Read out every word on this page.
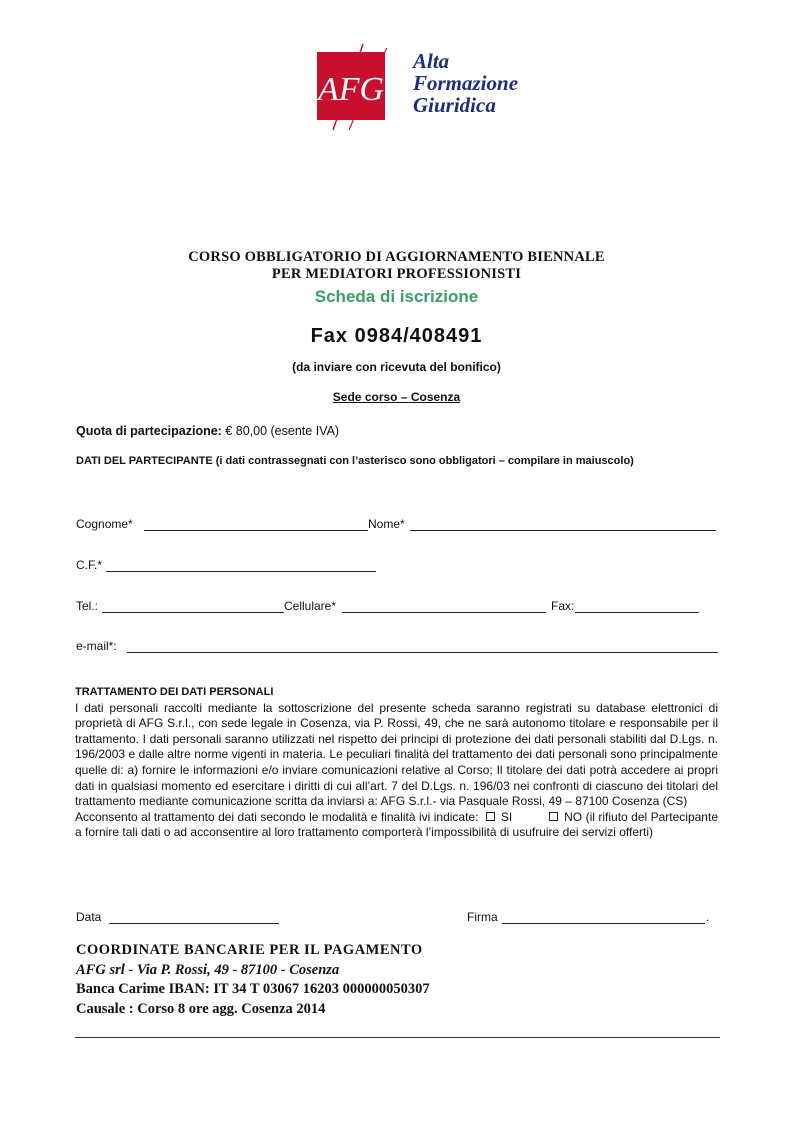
AFG
Alta
Formazione
Giuridica
CORSO OBBLIGATORIO DI AGGIORNAMENTO BIENNALE
PER MEDIATORI PROFESSIONISTI
Scheda di iscrizione
Fax 0984/408491
(da inviare con ricevuta del bonifico)
Sede corso – Cosenza
Quota di partecipazione: € 80,00 (esente IVA)
DATI DEL PARTECIPANTE (i dati contrassegnati con l’asterisco sono obbligatori – compilare in maiuscolo)
Cognome*	Nome*
C.F.*
Tel.:	Cellulare*	Fax:
e-mail*:
TRATTAMENTO DEI DATI PERSONALI
I dati personali raccolti mediante la sottoscrizione del presente scheda saranno registrati su database elettronici di proprietà di AFG S.r.l., con sede legale in Cosenza, via P. Rossi, 49, che ne sarà autonomo titolare e responsabile per il trattamento. I dati personali saranno utilizzati nel rispetto dei principi di protezione dei dati personali stabiliti dal D.Lgs. n. 196/2003 e dalle altre norme vigenti in materia. Le peculiari finalità del trattamento dei dati personali sono principalmente quelle di: a) fornire le informazioni e/o inviare comunicazioni relative al Corso; Il titolare dei dati potrà accedere ai propri dati in qualsiasi momento ed esercitare i diritti di cui all’art. 7 del D.Lgs. n. 196/03 nei confronti di ciascuno dei titolari del trattamento mediante comunicazione scritta da inviarsi a: AFG S.r.l.- via Pasquale Rossi, 49 – 87100 Cosenza (CS)
Acconsento al trattamento dei dati secondo le modalità e finalità ivi indicate: SI	NO (il rifiuto del Partecipante a fornire tali dati o ad acconsentire al loro trattamento comporterà l’impossibilità di usufruire dei servizi offerti)
Data	Firma	.
COORDINATE BANCARIE PER IL PAGAMENTO
AFG srl - Via P. Rossi, 49 - 87100 - Cosenza
Banca Carime IBAN: IT 34 T 03067 16203 000000050307
Causale : Corso 8 ore agg. Cosenza 2014
